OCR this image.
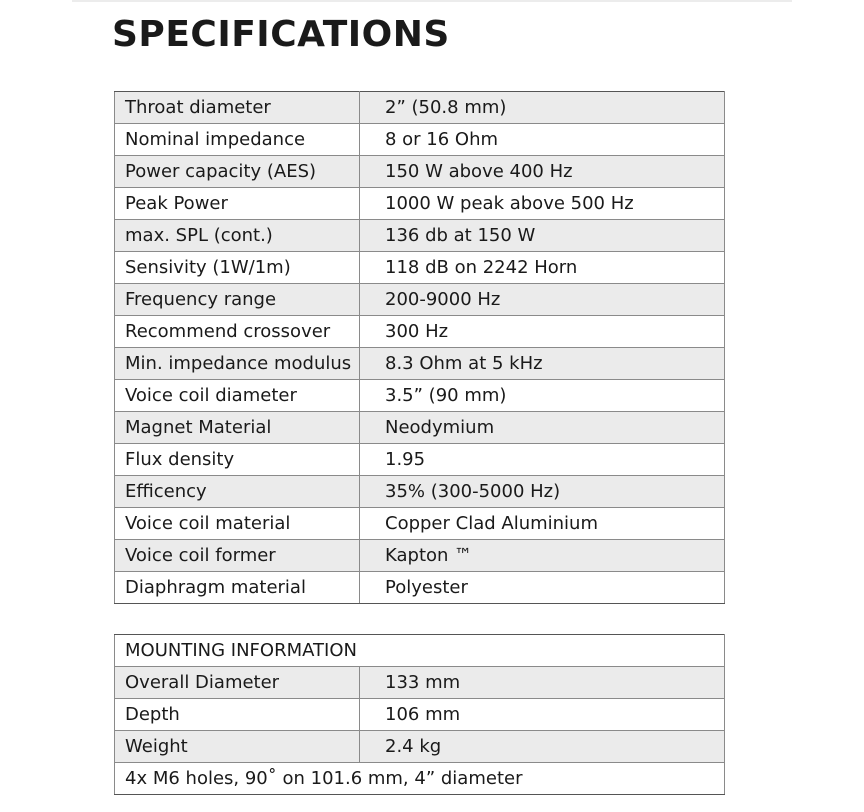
SPECIFICATIONS
Throat diameter	2” (50.8 mm)
Nominal impedance	8 or 16 Ohm
Power capacity (AES)	150 W above 400 Hz
Peak Power	1000 W peak above 500 Hz
max. SPL (cont.)	136 db at 150 W
Sensivity (1W/1m)	118 dB on 2242 Horn
Frequency range	200-9000 Hz
Recommend crossover	300 Hz
Min. impedance modulus	8.3 Ohm at 5 kHz
Voice coil diameter	3.5” (90 mm)
Magnet Material	Neodymium
Flux density	1.95
Efficency	35% (300-5000 Hz)
Voice coil material	Copper Clad Aluminium
Voice coil former	Kapton ™
Diaphragm material	Polyester
MOUNTING INFORMATION	
Overall Diameter	133 mm
Depth	106 mm
Weight	2.4 kg
4x M6 holes, 90˚ on 101.6 mm, 4” diameter	
